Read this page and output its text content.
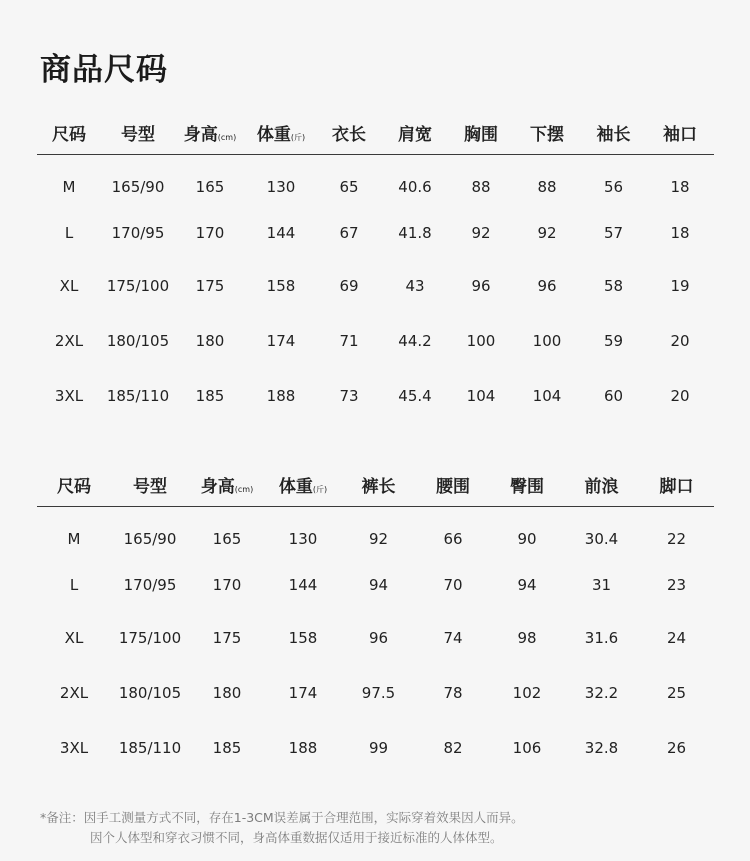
商品尺码
尺码	号型	身高(cm)	体重(斤)	衣长	肩宽	胸围	下摆	袖长	袖口
M	165/90	165	130	65	40.6	88	88	56	18
L	170/95	170	144	67	41.8	92	92	57	18
XL	175/100	175	158	69	43	96	96	58	19
2XL	180/105	180	174	71	44.2	100	100	59	20
3XL	185/110	185	188	73	45.4	104	104	60	20
尺码	号型	身高(cm)	体重(斤)	裤长	腰围	臀围	前浪	脚口
M	165/90	165	130	92	66	90	30.4	22
L	170/95	170	144	94	70	94	31	23
XL	175/100	175	158	96	74	98	31.6	24
2XL	180/105	180	174	97.5	78	102	32.2	25
3XL	185/110	185	188	99	82	106	32.8	26
*备注：因手工测量方式不同，存在1-3CM误差属于合理范围，实际穿着效果因人而异。
因个人体型和穿衣习惯不同，身高体重数据仅适用于接近标准的人体体型。
